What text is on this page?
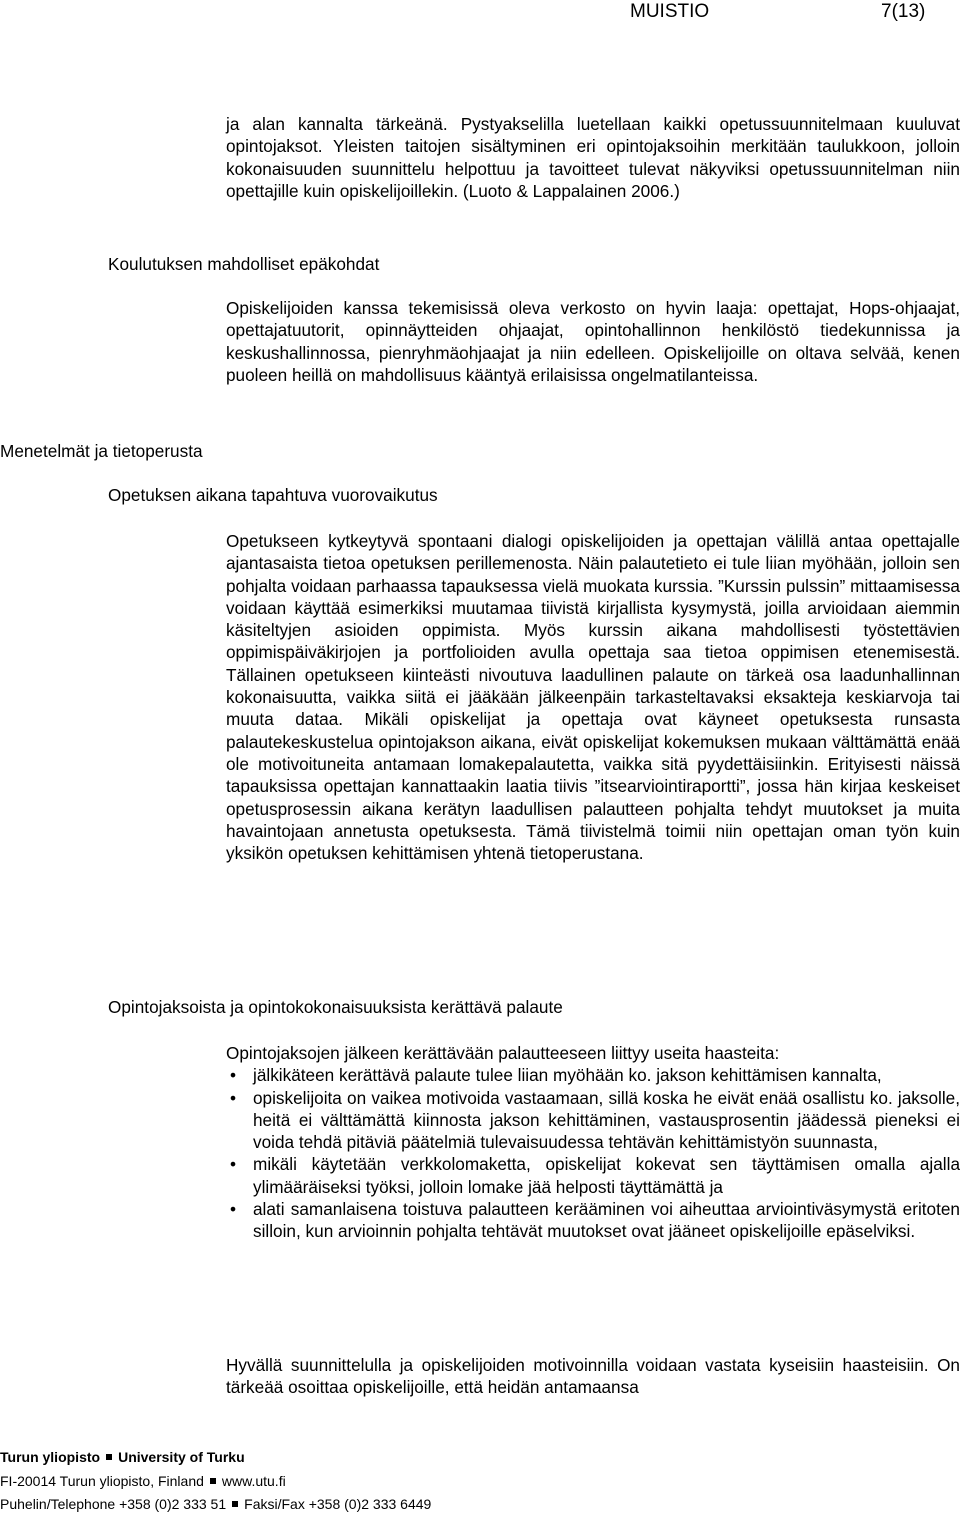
MUISTIO	7(13)

ja alan kannalta tärkeänä. Pystyakselilla luetellaan kaikki opetussuunnitelmaan kuuluvat opintojaksot. Yleisten taitojen sisältyminen eri opintojaksoihin merkitään taulukkoon, jolloin kokonaisuuden suunnittelu helpottuu ja tavoitteet tulevat näkyviksi opetussuunnitelman niin opettajille kuin opiskelijoillekin. (Luoto & Lappalainen 2006.)

Koulutuksen mahdolliset epäkohdat

Opiskelijoiden kanssa tekemisissä oleva verkosto on hyvin laaja: opettajat, Hops-ohjaajat, opettajatuutorit, opinnäytteiden ohjaajat, opintohallinnon henkilöstö tiedekunnissa ja keskushallinnossa, pienryhmäohjaajat ja niin edelleen. Opiskelijoille on oltava selvää, kenen puoleen heillä on mahdollisuus kääntyä erilaisissa ongelmatilanteissa.

Menetelmät ja tietoperusta
Opetuksen aikana tapahtuva vuorovaikutus

Opetukseen kytkeytyvä spontaani dialogi opiskelijoiden ja opettajan välillä antaa opettajalle ajantasaista tietoa opetuksen perillemenosta. Näin palautetieto ei tule liian myöhään, jolloin sen pohjalta voidaan parhaassa tapauksessa vielä muokata kurssia. ”Kurssin pulssin” mittaamisessa voidaan käyttää esimerkiksi muutamaa tiivistä kirjallista kysymystä, joilla arvioidaan aiemmin käsiteltyjen asioiden oppimista. Myös kurssin aikana mahdollisesti työstettävien oppimispäiväkirjojen ja portfolioiden avulla opettaja saa tietoa oppimisen etenemisestä. Tällainen opetukseen kiinteästi nivoutuva laadullinen palaute on tärkeä osa laadunhallinnan kokonaisuutta, vaikka siitä ei jääkään jälkeenpäin tarkasteltavaksi eksakteja keskiarvoja tai muuta dataa. Mikäli opiskelijat ja opettaja ovat käyneet opetuksesta runsasta palautekeskustelua opintojakson aikana, eivät opiskelijat kokemuksen mukaan välttämättä enää ole motivoituneita antamaan lomakepalautetta, vaikka sitä pyydettäisiinkin. Erityisesti näissä tapauksissa opettajan kannattaakin laatia tiivis ”itsearviointiraportti”, jossa hän kirjaa keskeiset opetusprosessin aikana kerätyn laadullisen palautteen pohjalta tehdyt muutokset ja muita havaintojaan annetusta opetuksesta. Tämä tiivistelmä toimii niin opettajan oman työn kuin yksikön opetuksen kehittämisen yhtenä tietoperustana.

Opintojaksoista ja opintokokonaisuuksista kerättävä palaute

Opintojaksojen jälkeen kerättävään palautteeseen liittyy useita haasteita:

•jälkikäteen kerättävä palaute tulee liian myöhään ko. jakson kehittämisen kannalta,
•opiskelijoita on vaikea motivoida vastaamaan, sillä koska he eivät enää osallistu ko. jaksolle, heitä ei välttämättä kiinnosta jakson kehittäminen, vastausprosentin jäädessä pieneksi ei voida tehdä pitäviä päätelmiä tulevaisuudessa tehtävän kehittämistyön suunnasta,
•mikäli käytetään verkkolomaketta, opiskelijat kokevat sen täyttämisen omalla ajalla ylimääräiseksi työksi, jolloin lomake jää helposti täyttämättä ja
•alati samanlaisena toistuva palautteen kerääminen voi aiheuttaa arviointiväsymystä eritoten silloin, kun arvioinnin pohjalta tehtävät muutokset ovat jääneet opiskelijoille epäselviksi.

Hyvällä suunnittelulla ja opiskelijoiden motivoinnilla voidaan vastata kyseisiin haasteisiin. On tärkeää osoittaa opiskelijoille, että heidän antamaansa

Turun yliopisto University of Turku
FI-20014 Turun yliopisto, Finland www.utu.fi
Puhelin/Telephone +358 (0)2 333 51 Faksi/Fax +358 (0)2 333 6449
